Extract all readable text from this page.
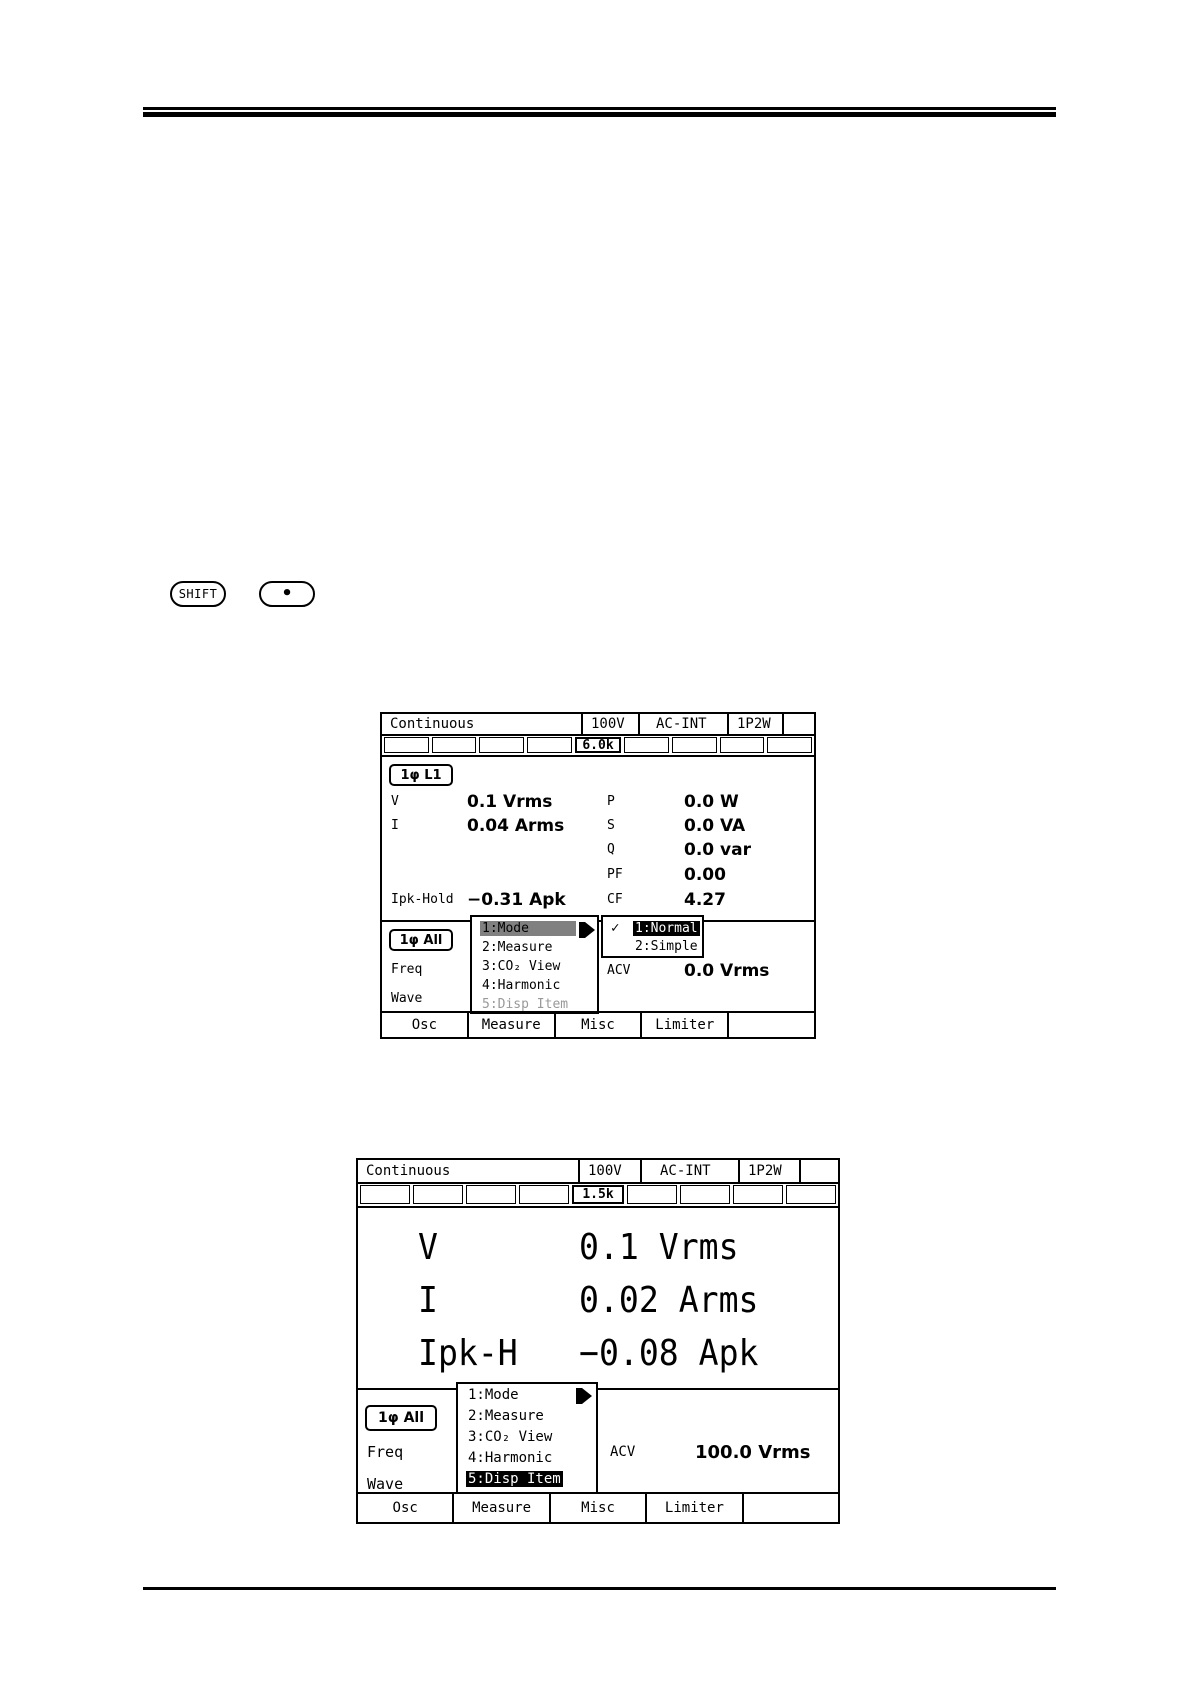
SHIFT	•
Continuous	100V	AC-INT	1P2W
6.0k
1φ L1
V	0.1 Vrms
I	0.04 Arms
Ipk-Hold −0.31 Apk
P	0.0 W
S	0.0 VA
Q	0.0 var
PF	0.00
CF	4.27
1φ All
Freq
Wave
ACV	0.0 Vrms
1:Mode
2:Measure
3:CO₂ View
4:Harmonic
5:Disp Item
✓ 1:Normal
2:Simple
Osc	Measure	Misc	Limiter
Continuous	100V	AC-INT	1P2W
1.5k
V	0.1 Vrms
I	0.02 Arms
Ipk-H −0.08 Apk
1φ All
Freq
Wave
ACV	100.0 Vrms
1:Mode
2:Measure
3:CO₂ View
4:Harmonic
5:Disp Item
Osc	Measure	Misc	Limiter
